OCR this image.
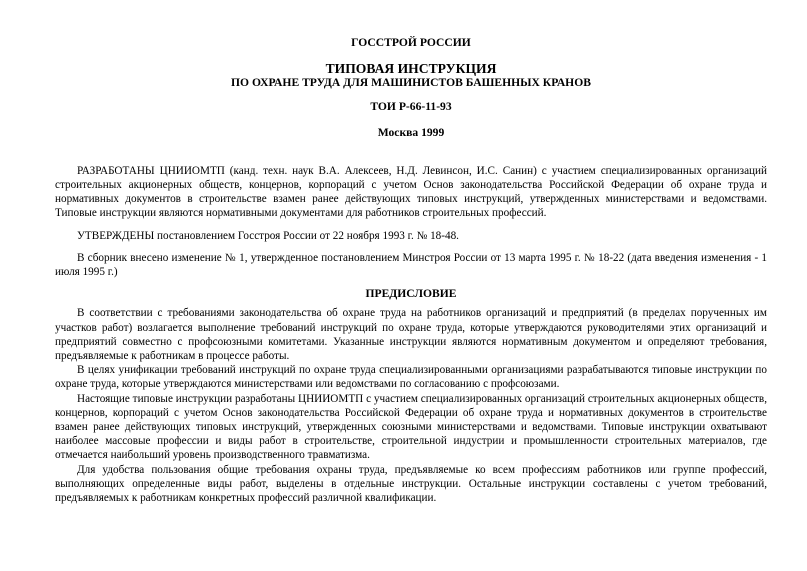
ГОССТРОЙ РОССИИ
ТИПОВАЯ ИНСТРУКЦИЯ
ПО ОХРАНЕ ТРУДА ДЛЯ МАШИНИСТОВ БАШЕННЫХ КРАНОВ
ТОИ Р-66-11-93
Москва 1999

РАЗРАБОТАНЫ ЦНИИОМТП (канд. техн. наук В.А. Алексеев, Н.Д. Левинсон, И.С. Санин) с участием специализированных организаций строительных акционерных обществ, концернов, корпораций с учетом Основ законодательства Российской Федерации об охране труда и нормативных документов в строительстве взамен ранее действующих типовых инструкций, утвержденных министерствами и ведомствами. Типовые инструкции являются нормативными документами для работников строительных профессий.

УТВЕРЖДЕНЫ постановлением Госстроя России от 22 ноября 1993 г. № 18-48.

В сборник внесено изменение № 1, утвержденное постановлением Минстроя России от 13 марта 1995 г. № 18-22 (дата введения изменения - 1 июля 1995 г.)

ПРЕДИСЛОВИЕ

В соответствии с требованиями законодательства об охране труда на работников организаций и предприятий (в пределах порученных им участков работ) возлагается выполнение требований инструкций по охране труда, которые утверждаются руководителями этих организаций и предприятий совместно с профсоюзными комитетами. Указанные инструкции являются нормативным документом и определяют требования, предъявляемые к работникам в процессе работы.

В целях унификации требований инструкций по охране труда специализированными организациями разрабатываются типовые инструкции по охране труда, которые утверждаются министерствами или ведомствами по согласованию с профсоюзами.

Настоящие типовые инструкции разработаны ЦНИИОМТП с участием специализированных организаций строительных акционерных обществ, концернов, корпораций с учетом Основ законодательства Российской Федерации об охране труда и нормативных документов в строительстве взамен ранее действующих типовых инструкций, утвержденных союзными министерствами и ведомствами. Типовые инструкции охватывают наиболее массовые профессии и виды работ в строительстве, строительной индустрии и промышленности строительных материалов, где отмечается наибольший уровень производственного травматизма.

Для удобства пользования общие требования охраны труда, предъявляемые ко всем профессиям работников или группе профессий, выполняющих определенные виды работ, выделены в отдельные инструкции. Остальные инструкции составлены с учетом требований, предъявляемых к работникам конкретных профессий различной квалификации.
